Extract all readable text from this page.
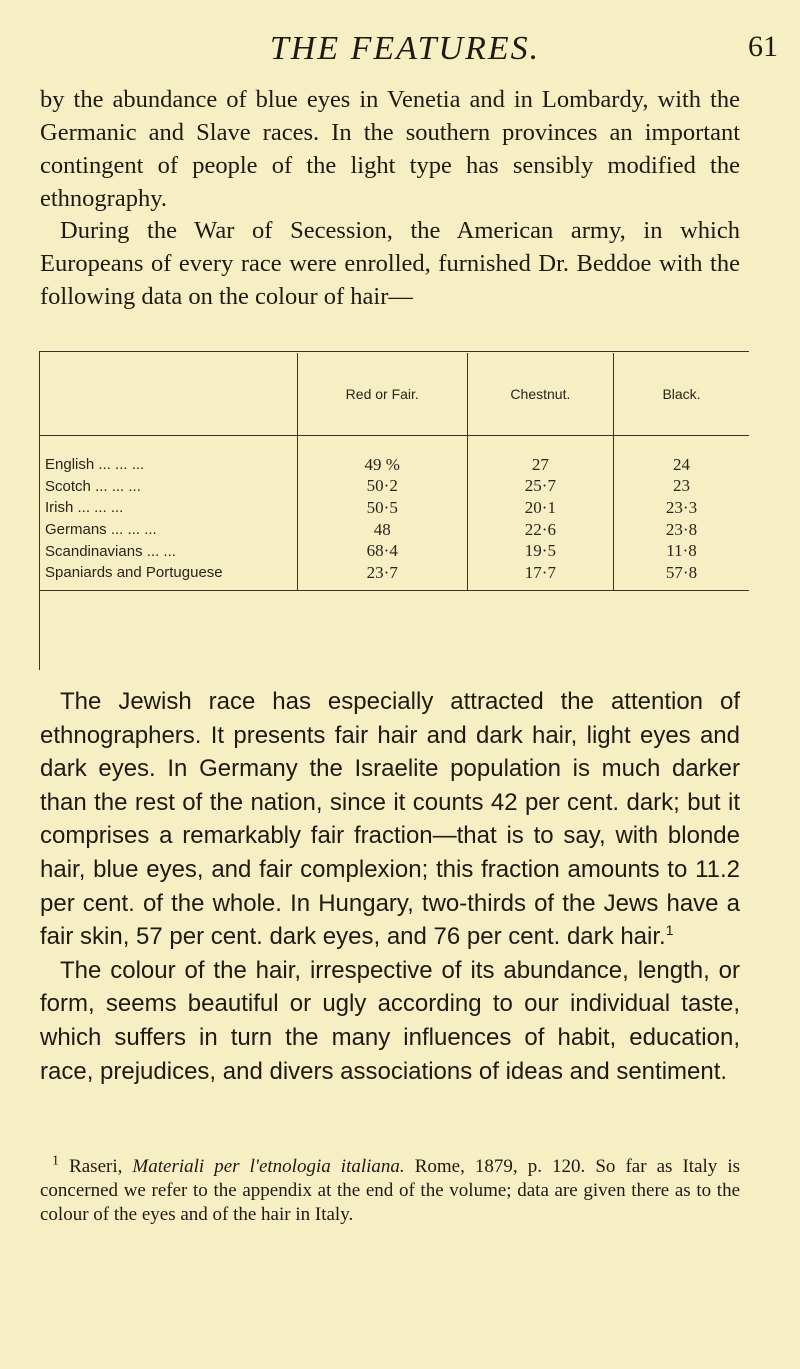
THE FEATURES.	61

by the abundance of blue eyes in Venetia and in Lombardy, with the Germanic and Slave races. In the southern provinces an important contingent of people of the light type has sensibly modified the ethnography.

During the War of Secession, the American army, in which Europeans of every race were enrolled, furnished Dr. Beddoe with the following data on the colour of hair—

	Red or Fair.	Chestnut.	Black.
English ... ... ...	49 %	27	24
Scotch ... ... ...	50·2	25·7	23
Irish ... ... ...	50·5	20·1	23·3
Germans ... ... ...	48	22·6	23·8
Scandinavians ... ...	68·4	19·5	11·8
Spaniards and Portuguese	23·7	17·7	57·8

The Jewish race has especially attracted the attention of ethnographers. It presents fair hair and dark hair, light eyes and dark eyes. In Germany the Israelite population is much darker than the rest of the nation, since it counts 42 per cent. dark; but it comprises a remarkably fair fraction—that is to say, with blonde hair, blue eyes, and fair complexion; this fraction amounts to 11.2 per cent. of the whole. In Hungary, two-thirds of the Jews have a fair skin, 57 per cent. dark eyes, and 76 per cent. dark hair.$^1$

The colour of the hair, irrespective of its abundance, length, or form, seems beautiful or ugly according to our individual taste, which suffers in turn the many influences of habit, education, race, prejudices, and divers associations of ideas and sentiment.

$^1$ Raseri, Materiali per l'etnologia italiana. Rome, 1879, p. 120. So far as Italy is concerned we refer to the appendix at the end of the volume; data are given there as to the colour of the eyes and of the hair in Italy.
